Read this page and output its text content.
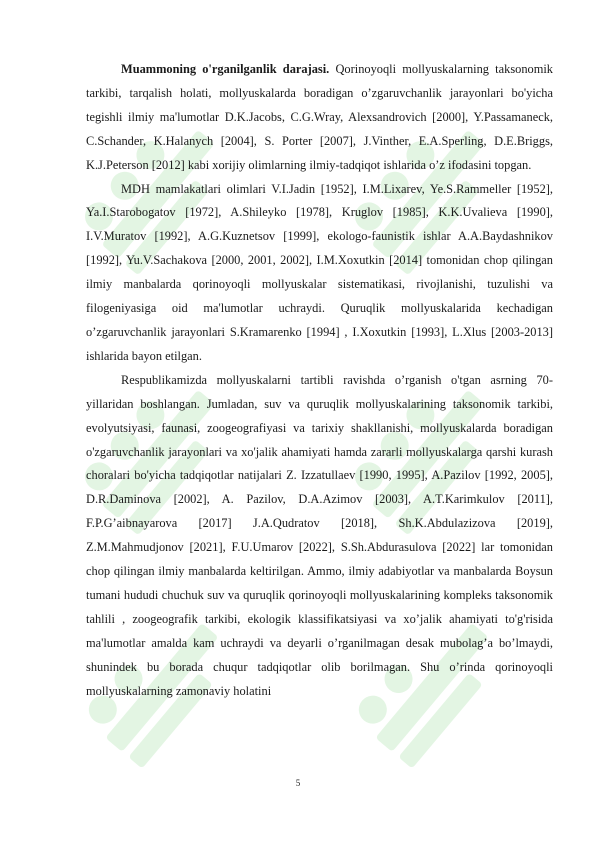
Muammoning o'rganilganlik darajasi. Qorinoyoqli mollyuskalarning taksonomik tarkibi, tarqalish holati, mollyuskalarda boradigan o’zgaruvchanlik jarayonlari bo'yicha tegishli ilmiy ma'lumotlar D.K.Jacobs, C.G.Wray, Alexsandrovich [2000], Y.Passamaneck, C.Schander, K.Halanych [2004], S. Porter [2007], J.Vinther, E.A.Sperling, D.E.Briggs, K.J.Peterson [2012] kabi xorijiy olimlarning ilmiy-tadqiqot ishlarida o’z ifodasini topgan.

MDH mamlakatlari olimlari V.I.Jadin [1952], I.M.Lixarev, Ye.S.Rammeller [1952], Ya.I.Starobogatov [1972], A.Shileyko [1978], Kruglov [1985], K.K.Uvalieva [1990], I.V.Muratov [1992], A.G.Kuznetsov [1999], ekologo-faunistik ishlar A.A.Baydashnikov [1992], Yu.V.Sachakova [2000, 2001, 2002], I.M.Xoxutkin [2014] tomonidan chop qilingan ilmiy manbalarda qorinoyoqli mollyuskalar sistematikasi, rivojlanishi, tuzulishi va filogeniyasiga oid ma'lumotlar uchraydi. Quruqlik mollyuskalarida kechadigan o’zgaruvchanlik jarayonlari S.Kramarenko [1994] , I.Xoxutkin [1993], L.Xlus [2003-2013] ishlarida bayon etilgan.

Respublikamizda mollyuskalarni tartibli ravishda o’rganish o'tgan asrning 70-yillaridan boshlangan. Jumladan, suv va quruqlik mollyuskalarining taksonomik tarkibi, evolyutsiyasi, faunasi, zoogeografiyasi va tarixiy shakllanishi, mollyuskalarda boradigan o'zgaruvchanlik jarayonlari va xo'jalik ahamiyati hamda zararli mollyuskalarga qarshi kurash choralari bo'yicha tadqiqotlar natijalari Z. Izzatullaev [1990, 1995], A.Pazilov [1992, 2005], D.R.Daminova [2002], A. Pazilov, D.A.Azimov [2003], A.T.Karimkulov [2011], F.P.G’aibnayarova [2017] J.A.Qudratov [2018], Sh.K.Abdulazizova [2019], Z.M.Mahmudjonov [2021], F.U.Umarov [2022], S.Sh.Abdurasulova [2022] lar tomonidan chop qilingan ilmiy manbalarda keltirilgan. Ammo, ilmiy adabiyotlar va manbalarda Boysun tumani hududi chuchuk suv va quruqlik qorinoyoqli mollyuskalarining kompleks taksonomik tahlili , zoogeografik tarkibi, ekologik klassifikatsiyasi va xo’jalik ahamiyati to'g'risida ma'lumotlar amalda kam uchraydi va deyarli o’rganilmagan desak mubolag’a bo’lmaydi, shunindek bu borada chuqur tadqiqotlar olib borilmagan. Shu o’rinda qorinoyoqli mollyuskalarning zamonaviy holatini

5
